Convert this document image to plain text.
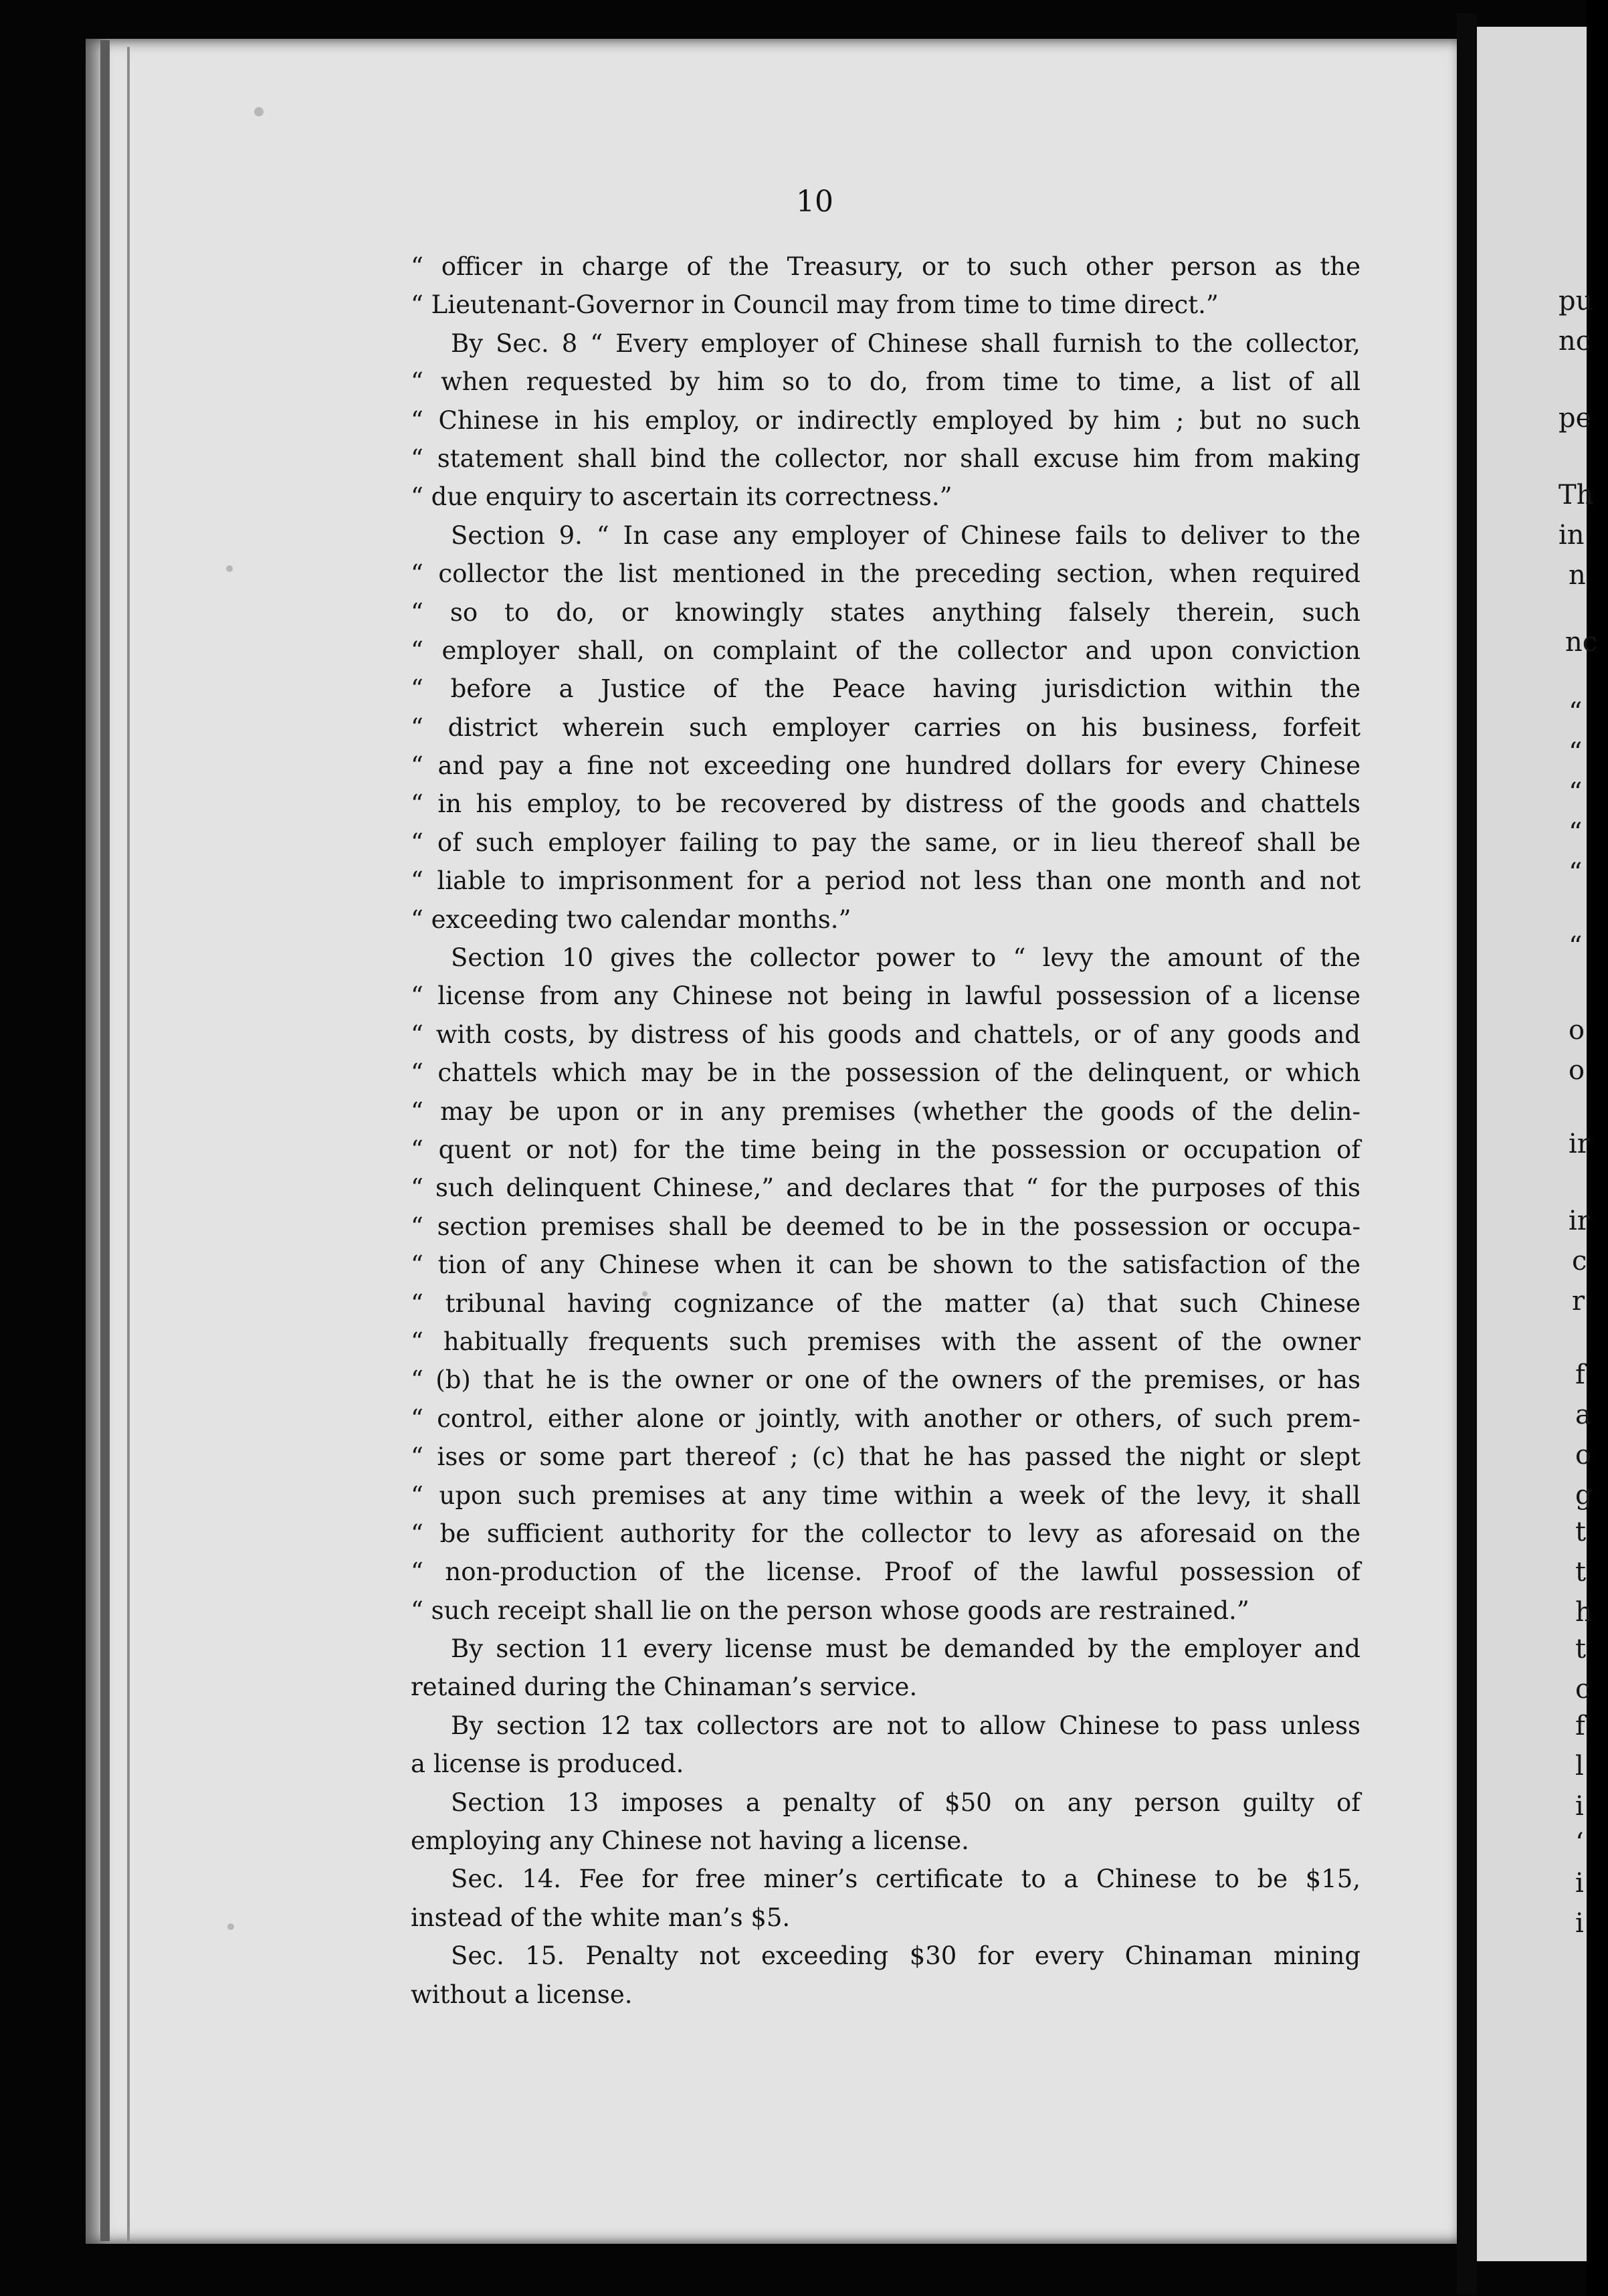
10
“ officer in charge of the Treasury, or to such other person as the
“ Lieutenant-Governor in Council may from time to time direct.”
By Sec. 8 “ Every employer of Chinese shall furnish to the collector,
“ when requested by him so to do, from time to time, a list of all
“ Chinese in his employ, or indirectly employed by him ; but no such
“ statement shall bind the collector, nor shall excuse him from making
“ due enquiry to ascertain its correctness.”
Section 9. “ In case any employer of Chinese fails to deliver to the
“ collector the list mentioned in the preceding section, when required
“ so to do, or knowingly states anything falsely therein, such
“ employer shall, on complaint of the collector and upon conviction
“ before a Justice of the Peace having jurisdiction within the
“ district wherein such employer carries on his business, forfeit
“ and pay a fine not exceeding one hundred dollars for every Chinese
“ in his employ, to be recovered by distress of the goods and chattels
“ of such employer failing to pay the same, or in lieu thereof shall be
“ liable to imprisonment for a period not less than one month and not
“ exceeding two calendar months.”
Section 10 gives the collector power to “ levy the amount of the
“ license from any Chinese not being in lawful possession of a license
“ with costs, by distress of his goods and chattels, or of any goods and
“ chattels which may be in the possession of the delinquent, or which
“ may be upon or in any premises (whether the goods of the delin-
“ quent or not) for the time being in the possession or occupation of
“ such delinquent Chinese,” and declares that “ for the purposes of this
“ section premises shall be deemed to be in the possession or occupa-
“ tion of any Chinese when it can be shown to the satisfaction of the
“ tribunal having cognizance of the matter (a) that such Chinese
“ habitually frequents such premises with the assent of the owner
“ (b) that he is the owner or one of the owners of the premises, or has
“ control, either alone or jointly, with another or others, of such prem-
“ ises or some part thereof ; (c) that he has passed the night or slept
“ upon such premises at any time within a week of the levy, it shall
“ be sufficient authority for the collector to levy as aforesaid on the
“ non-production of the license. Proof of the lawful possession of
“ such receipt shall lie on the person whose goods are restrained.”
By section 11 every license must be demanded by the employer and
retained during the Chinaman’s service.
By section 12 tax collectors are not to allow Chinese to pass unless
a license is produced.
Section 13 imposes a penalty of $50 on any person guilty of
employing any Chinese not having a license.
Sec. 14. Fee for free miner’s certificate to a Chinese to be $15,
instead of the white man’s $5.
Sec. 15. Penalty not exceeding $30 for every Chinaman mining
without a license.
pu
nc
pe
Th
in
n
nc
“
“
“
“
“
“
o
o
ir
ir
c
r
f
a
o
g
t
t
h
t
c
f
l
i
‘
i
i
